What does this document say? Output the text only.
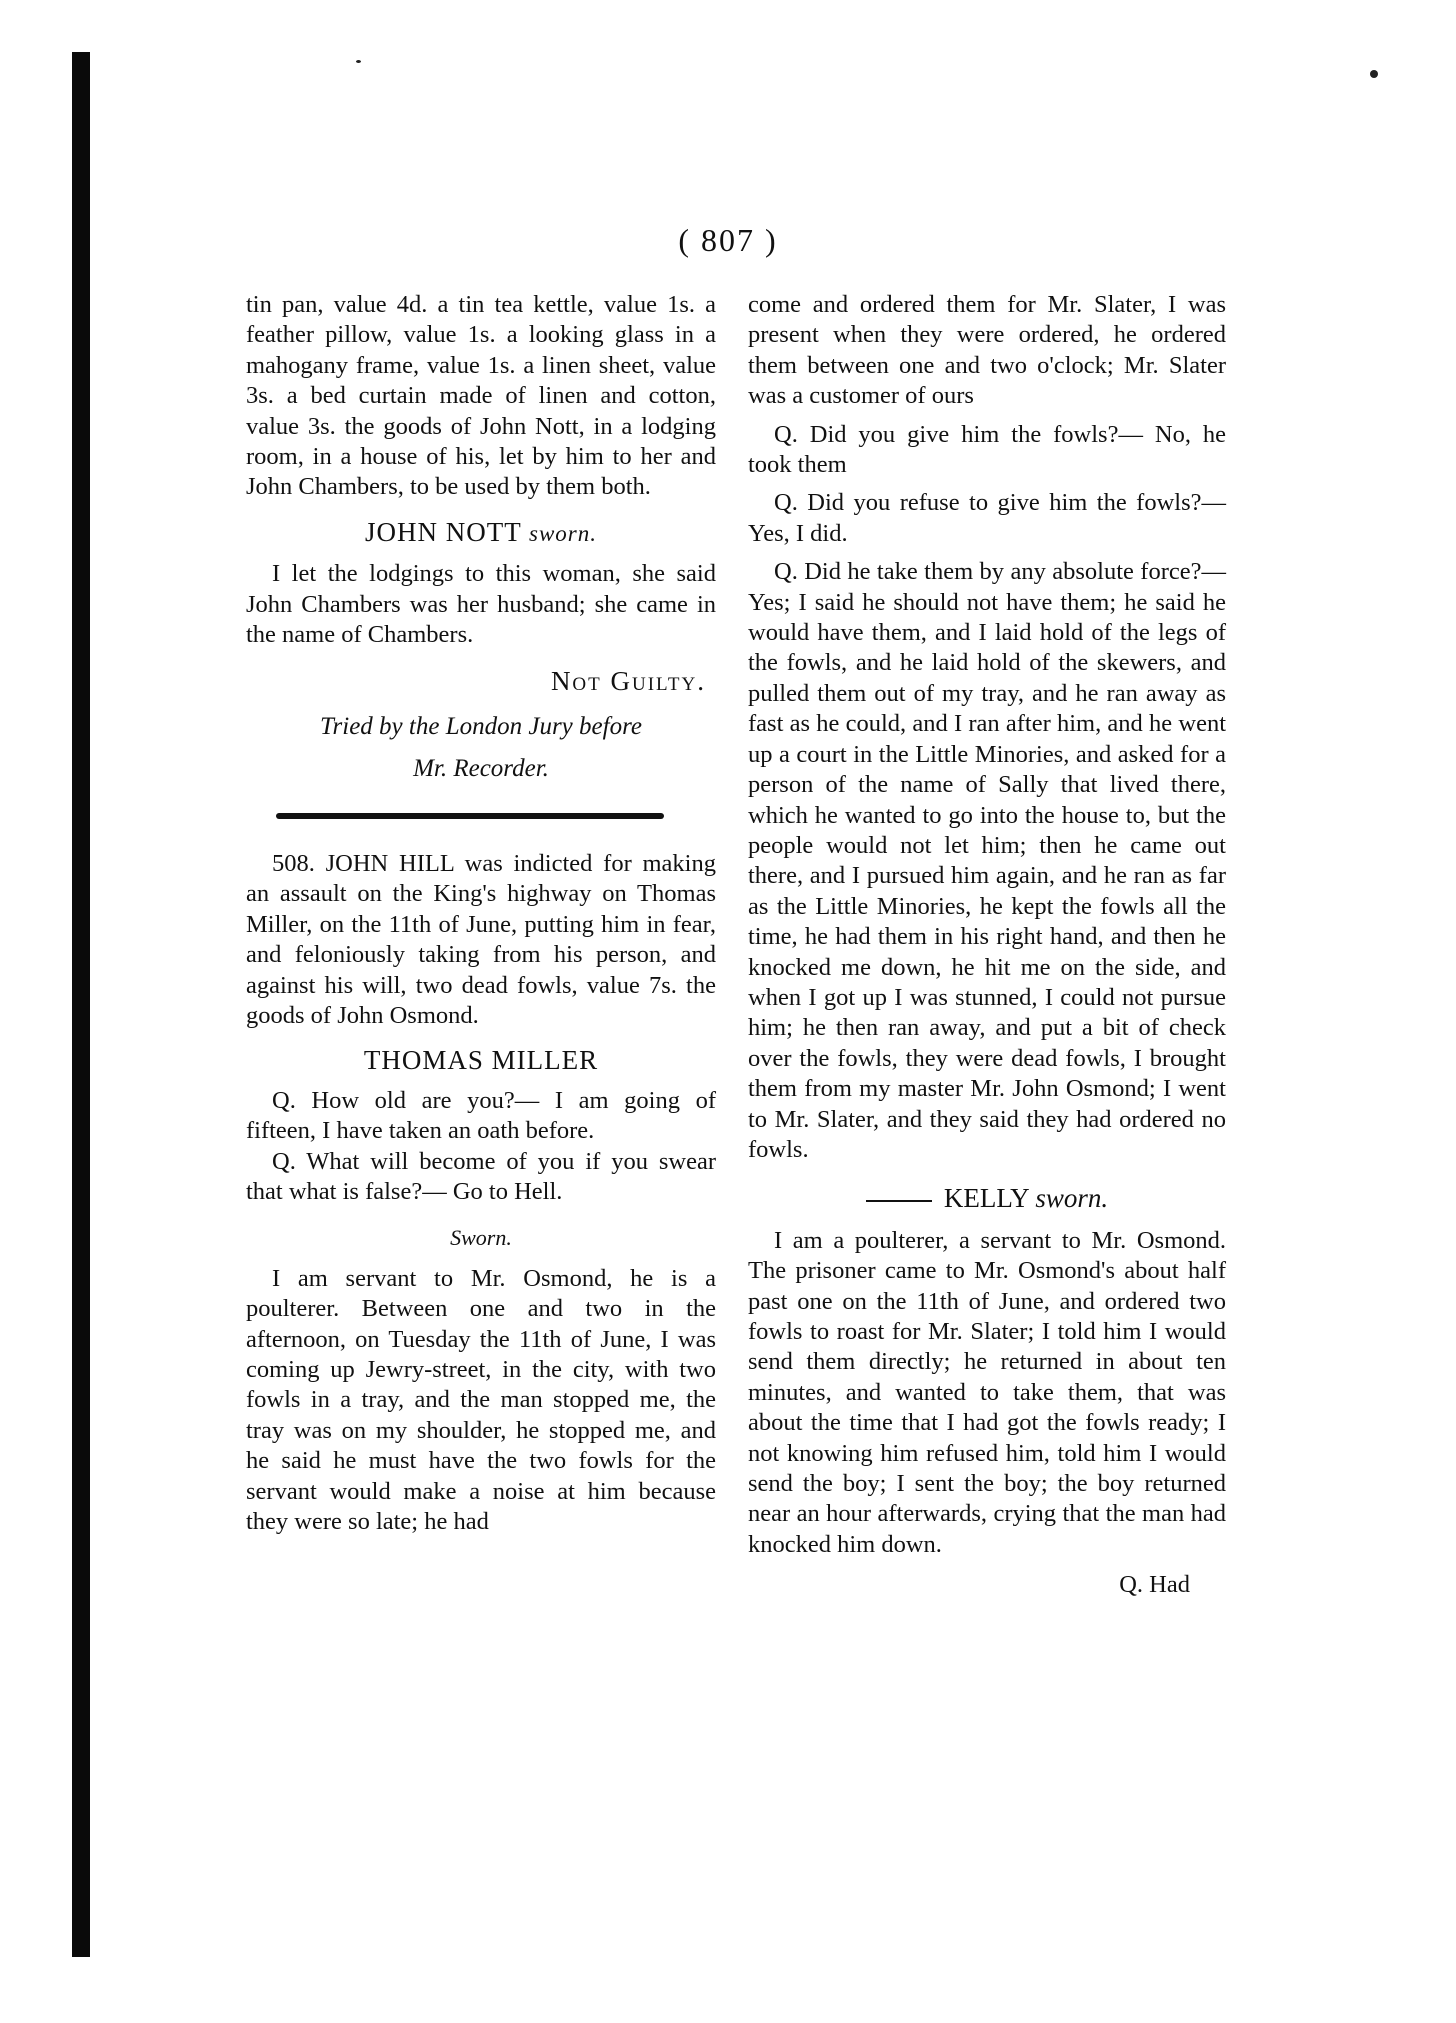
( 807 )

tin pan, value 4d. a tin tea kettle, value 1s. a feather pillow, value 1s. a looking glass in a mahogany frame, value 1s. a linen sheet, value 3s. a bed curtain made of linen and cotton, value 3s. the goods of John Nott, in a lodging room, in a house of his, let by him to her and John Chambers, to be used by them both.

JOHN NOTT sworn.

I let the lodgings to this woman, she said John Chambers was her husband; she came in the name of Chambers.

Not Guilty.
Tried by the London Jury before
Mr. Recorder.

508. JOHN HILL was indicted for making an assault on the King's highway on Thomas Miller, on the 11th of June, putting him in fear, and feloniously taking from his person, and against his will, two dead fowls, value 7s. the goods of John Osmond.

THOMAS MILLER

Q. How old are you?— I am going of fifteen, I have taken an oath before.

Q. What will become of you if you swear that what is false?— Go to Hell.

Sworn.

I am servant to Mr. Osmond, he is a poulterer. Between one and two in the afternoon, on Tuesday the 11th of June, I was coming up Jewry-street, in the city, with two fowls in a tray, and the man stopped me, the tray was on my shoulder, he stopped me, and he said he must have the two fowls for the servant would make a noise at him because they were so late; he had

come and ordered them for Mr. Slater, I was present when they were ordered, he ordered them between one and two o'clock; Mr. Slater was a customer of ours

Q. Did you give him the fowls?— No, he took them

Q. Did you refuse to give him the fowls?— Yes, I did.

Q. Did he take them by any absolute force?— Yes; I said he should not have them; he said he would have them, and I laid hold of the legs of the fowls, and he laid hold of the skewers, and pulled them out of my tray, and he ran away as fast as he could, and I ran after him, and he went up a court in the Little Minories, and asked for a person of the name of Sally that lived there, which he wanted to go into the house to, but the people would not let him; then he came out there, and I pursued him again, and he ran as far as the Little Minories, he kept the fowls all the time, he had them in his right hand, and then he knocked me down, he hit me on the side, and when I got up I was stunned, I could not pursue him; he then ran away, and put a bit of check over the fowls, they were dead fowls, I brought them from my master Mr. John Osmond; I went to Mr. Slater, and they said they had ordered no fowls.

KELLY sworn.

I am a poulterer, a servant to Mr. Osmond. The prisoner came to Mr. Osmond's about half past one on the 11th of June, and ordered two fowls to roast for Mr. Slater; I told him I would send them directly; he returned in about ten minutes, and wanted to take them, that was about the time that I had got the fowls ready; I not knowing him refused him, told him I would send the boy; I sent the boy; the boy returned near an hour afterwards, crying that the man had knocked him down.

Q. Had
